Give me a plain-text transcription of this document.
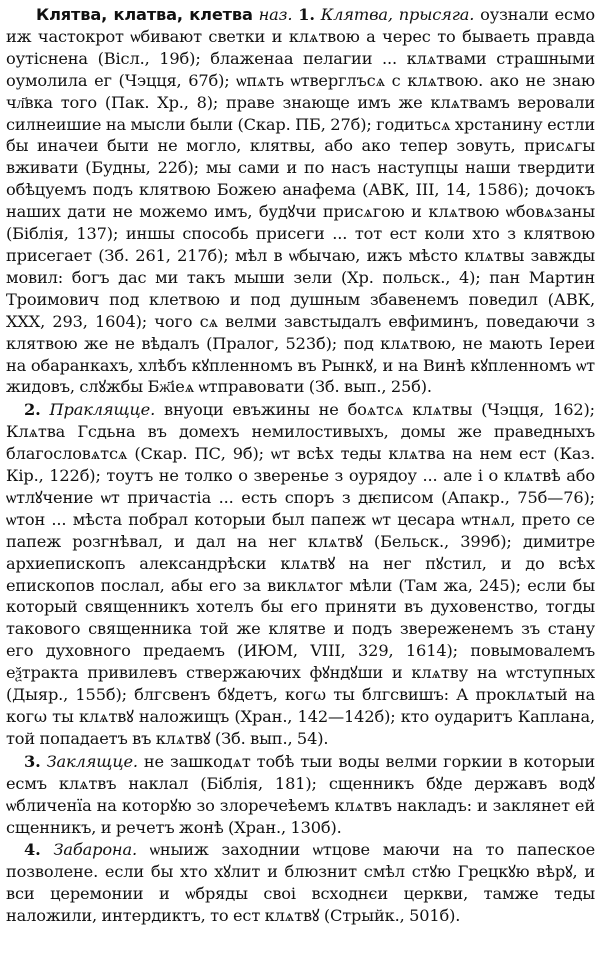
Клятва, клатва, клетва наз. 1. Клятва, прысяга. оузнали есмо иж частокрот ѡбивают светки и клѧтвою а черес то бываеть правда оутіснена (Вісл., 19б); блаженаа пелагии ... клѧтвами страшными оумолила ег (Чэцця, 67б); ѡпѧть ѡтверглъсѧ с клѧтвою. ако не знаю чл҃вка того (Пак. Хр., 8); праве знающе имъ же клѧтвамъ веровали силнеишие на мысли были (Скар. ПБ, 27б); годитьсѧ хрстанину естли бы иначеи быти не могло, клятвы, або ако тепер зовуть, присѧгы вживати (Будны, 22б); мы сами и по насъ наступцы наши твердити обѣцуемъ подъ клятвою Божею анафема (АВК, III, 14, 1586); дочокъ наших дати не можемо имъ, будꙋчи присѧгою и клѧтвою ѡбовѧзаны (Біблія, 137); иншы способь присеги ... тот ест коли хто з клятвою присегает (Зб. 261, 217б); мѣл в ѡбычаю, ижъ мѣсто клѧтвы завжды мовил: богъ дас ми такъ мыши зели (Хр. польск., 4); пан Мартин Троимович под клетвою и под душным збавенемъ поведил (АВК, XXX, 293, 1604); чого сѧ велми завстыдалъ евфиминъ, поведаючи з клятвою же не вѣдалъ (Пралог, 523б); под клѧтвою, не мають Іереи на обаранкахъ, хлѣбъ кꙋпленномъ въ Рынкꙋ, и на Винѣ кꙋпленномъ ѡт жидовъ, слꙋжбы Бж҃іеѧ ѡтправовати (Зб. вып., 25б).

2. Праклящце. внуоци евъжины не боѧтсѧ клѧтвы (Чэцця, 162); Клѧтва Гсдьна въ домехъ немилостивыхъ, домы же праведныхъ благословѧтсѧ (Скар. ПС, 9б); ѡт всѣх теды клѧтва на нем ест (Каз. Кір., 122б); тоутъ не толко о звереньe з оурядоу ... але і о клѧтвѣ або ѡтлꙋчение ѡт причастіа ... есть споръ з дѥписом (Апакр., 75б—76); ѡтон ... мѣста побрал которыи был папеж ѡт цесара ѡтнѧл, прето се папеж розгнѣвал, и дал на нег клѧтвꙋ (Бельск., 399б); димитре архиепископъ александрѣски клѧтвꙋ на нег пꙋстил, и до всѣх епископов послал, абы его за виклѧтог мѣли (Там жа, 245); если бы который священникъ хотелъ бы его приняти въ духовенство, тогды такового священника той же клятве и подъ звереженемъ зъ стану его духовного предаемъ (ИЮМ, VIII, 329, 1614); повымовалемъ еѯтракта привилевъ ствержаючих фꙋндꙋши и клѧтву на ѡтступных (Дыяр., 155б); блгсвенъ бꙋдетъ, когω ты блгсвишъ: А проклѧтый на когω ты клѧтвꙋ наложищъ (Хран., 142—142б); кто оударитъ Каплана, той попадаетъ въ клѧтвꙋ (Зб. вып., 54).

3. Заклящце. не зашкодѧт тобѣ тыи воды велми горкии в которыи есмъ клѧтвъ наклал (Біблія, 181); сщенникъ бꙋде державъ водꙋ ѡбличенїа на которꙋю зо злоречеѣемъ клѧтвъ накладъ: и заклянет ей сщенникъ, и речетъ жонѣ (Хран., 130б).

4. Забарона. ѡныиж заходнии ѡтцове маючи на то папеское позволене. если бы хто хꙋлит и блюзнит смѣл стꙋю Грецкꙋю вѣрꙋ, и вси церемонии и ѡбряды своі всходнєи церкви, тамже теды наложили, интердиктъ, то ест клѧтвꙋ (Стрыйк., 501б).
